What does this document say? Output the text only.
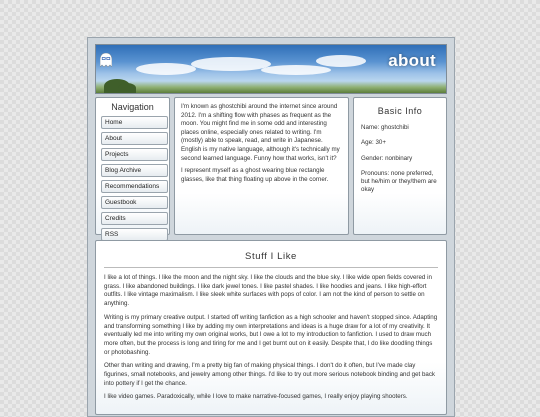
about
Navigation
Home
About
Projects
Blog Archive
Recommendations
Guestbook
Credits
RSS

I'm known as ghostchibi around the internet since around 2012. I'm a shifting flow with phases as frequent as the moon. You might find me in some odd and interesting places online, especially ones related to writing. I'm (mostly) able to speak, read, and write in Japanese. English is my native language, although it's technically my second learned language. Funny how that works, isn't it?

I represent myself as a ghost wearing blue rectangle glasses, like that thing floating up above in the corner.

Basic Info

Name: ghostchibi

Age: 30+

Gender: nonbinary

Pronouns: none preferred, but he/him or they/them are okay

Stuff I Like

I like a lot of things. I like the moon and the night sky. I like the clouds and the blue sky. I like wide open fields covered in grass. I like abandoned buildings. I like dark jewel tones. I like pastel shades. I like hoodies and jeans. I like high-effort outfits. I like vintage maximalism. I like sleek white surfaces with pops of color. I am not the kind of person to settle on anything.

Writing is my primary creative output. I started off writing fanfiction as a high schooler and haven't stopped since. Adapting and transforming something I like by adding my own interpretations and ideas is a huge draw for a lot of my creativity. It eventually led me into writing my own original works, but I owe a lot to my introduction to fanfiction. I used to draw much more often, but the process is long and tiring for me and I get burnt out on it easily. Despite that, I do like doodling things or photobashing.

Other than writing and drawing, I'm a pretty big fan of making physical things. I don't do it often, but I've made clay figurines, small notebooks, and jewelry among other things. I'd like to try out more serious notebook binding and get back into pottery if I get the chance.

I like video games. Paradoxically, while I love to make narrative-focused games, I really enjoy playing shooters.
